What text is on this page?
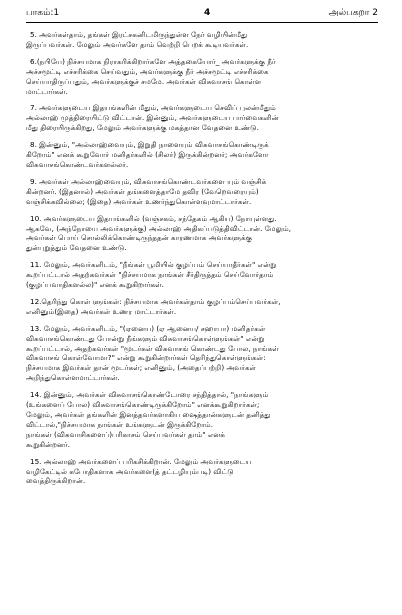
பாகம்:1	4	அல்பகறா 2

5. அவர்கள்தாம், தங்கள் இரட்சகனிடமிருந்துள்ள நேர் வழியின்மீது
இருப்பவர்கள். மேலும் அவர்களே தாம் வெற்றி பெறக் கூடியவர்கள்.

6.(நபியே) நிச்சயமாக நிராகரிக்கிறார்களே அத்தகையோர்_ அவர்களுக்கு நீர்
அச்சமூட்டி எச்சரிக்கை செய்வதும், அவர்களுக்கு நீர் அச்சமூட்டி எச்சரிக்கை
செய்யாதிருப்பதும், அவர்களுக்குச் சமமே. அவர்கள் விசுவாசங் கொள்ள
மாட்டார்கள்.

7. அவர்களுடைய இதயங்களின் மீதும், அவர்களுடைய செவிப் புலன்மீதும்
அல்லாஹ் முத்திரையிட்டு விட்டான். இன்னும், அவர்களுடைய பார்வைகளின்
மீது திரையிருக்கிறது, மேலும் அவர்களுக்கு மகத்தான வேதனை உண்டு.

8. இன்னும், "அல்லாஹ்வையும், இறுதி நாளையும் விசுவாசங்கொண்டிருக்
கிறோம்" எனக் கூறுவோர் மனிதர்களில் (சிலர்) இருக்கின்றனர்; அவர்களோ
விசுவாசங்கொண்டவர்களல்லர்.

9. அவர்கள் அல்லாஹ்வையும், விசுவாசங்கொண்டவர்களை யும் வஞ்சிக்
கின்றனர். (இதனால்) அவர்கள் தங்களைத்தாமே தவிர (வேறெவரையும்)
வஞ்சிக்கவில்லை; (இதை) அவர்கள் உணர்ந்துகொள்ளவுமாட்டார்கள்.

10. அவர்களுடைய இதயங்களில் (வஞ்சகம், சந்தேகம் ஆகிய) நோயுள்ளது.
ஆகவே, (அந்நோயை அவர்களுக்கு) அல்லாஹ் அதிகப்படுத்திவிட்டான். மேலும்,
அவர்கள் பொய் சொல்லிக்கொண்டிருந்ததன் காரணமாக அவர்களுக்கு
துன்புறுத்தும் வேதனை உண்டு.

11. மேலும், அவர்களிடம், "நீங்கள் பூமியில் குழப்பம் செய்யாதீர்கள்" என்று
கூறப்பட்டால் அதற்கவர்கள் "நிச்சயமாக நாங்கள் சீர்திருத்தம் செய்வோர்தாம்
(குழப்பவாதிகளல்ல)" எனக் கூறுகிறார்கள்.

12.தெரிந்து கொள் ளுங்கள்: நிச்சயமாக அவர்கள்தாம் குழப்பம்செய்பவர்கள்,
எனினும்(இதை) அவர்கள் உணர மாட்டார்கள்.

13. மேலும், அவர்களிடம், "(ஏனைய) (ஏ ஆனைய/ சஹாபா) மனிதர்கள்
விசுவாசங்கொண்டது போன்று நீங்களும் விசுவாசங்கொள்ளுங்கள்" என்று
கூறப்பட்டால், அதற்கவர்கள் "மூடர்கள் விசுவாசங் கொண்டது போல, நாங்கள்
விசுவாசங் கொள்வோமா?" என்று கூறுகின்றார்கள் தெரிந்துகொள்ளுங்கள்:
நிச்சயமாக இவர்கள் தான் மூடர்கள்; எனினும், (அதைப்பற்றி) அவர்கள்
அறிந்துகொள்ளமாட்டார்கள்.

14. இன்னும், அவர்கள் விசுவாசங்கொண்டோரை சந்தித்தால், "நாங்களும்
(உங்களைப் போல) விசுவாசங்கொண்டிருக்கிறோம்" எனக்கூறுகிறார்கள்;
மேலும், அவர்கள் தங்களின் இனத்தவர்களாகிய ஷைத்தான்களுடன் தனித்து
விட்டால்,"நிச்சயமாக நாங்கள் உங்களுடன் இருக்கிறோம்.
நாங்கள் (விசுவாசிகளைப்)பரிகாசம் செய்பவர்கள் தாம்" எனக்
கூறுகின்றனர்.

15. அல்லாஹ் அவர்களைப் பரிகசிக்கிறான். மேலும் அவர்களுடைய
வழிகேட்டில் கபோதிகளாக அவர்களை(த் தட்டழியும்படி) விட்டு
வைத்திருக்கிறான்.
